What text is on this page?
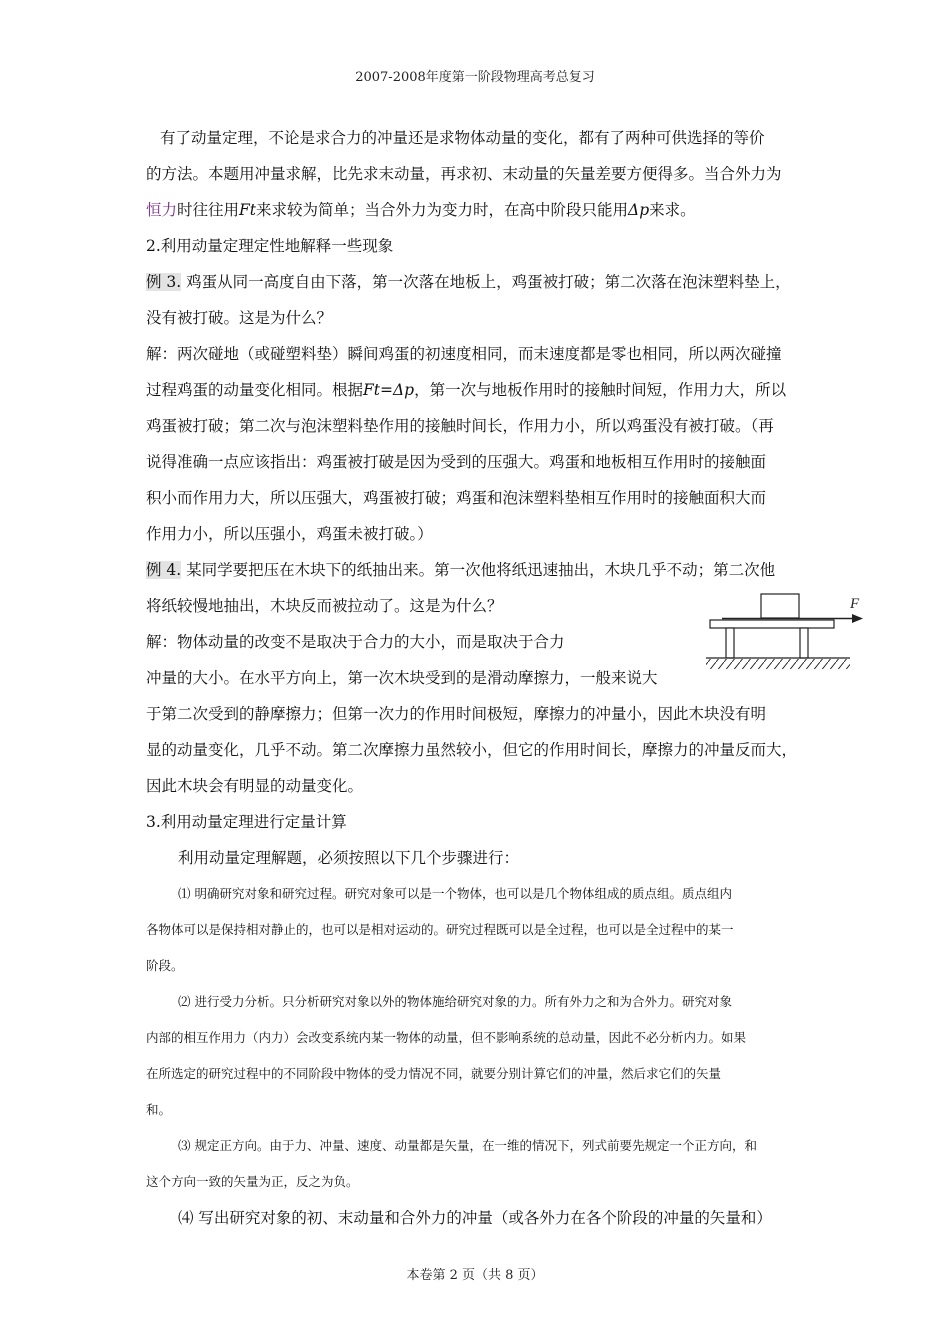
2007-2008年度第一阶段物理高考总复习
有了动量定理，不论是求合力的冲量还是求物体动量的变化，都有了两种可供选择的等价
的方法。本题用冲量求解，比先求末动量，再求初、末动量的矢量差要方便得多。当合外力为
恒力时往往用Ft来求较为简单；当合外力为变力时，在高中阶段只能用Δp来求。
2.利用动量定理定性地解释一些现象
例 3. 鸡蛋从同一高度自由下落，第一次落在地板上，鸡蛋被打破；第二次落在泡沫塑料垫上，
没有被打破。这是为什么？
解：两次碰地（或碰塑料垫）瞬间鸡蛋的初速度相同，而末速度都是零也相同，所以两次碰撞
过程鸡蛋的动量变化相同。根据Ft=Δp，第一次与地板作用时的接触时间短，作用力大，所以
鸡蛋被打破；第二次与泡沫塑料垫作用的接触时间长，作用力小，所以鸡蛋没有被打破。（再
说得准确一点应该指出：鸡蛋被打破是因为受到的压强大。鸡蛋和地板相互作用时的接触面
积小而作用力大，所以压强大，鸡蛋被打破；鸡蛋和泡沫塑料垫相互作用时的接触面积大而
作用力小，所以压强小，鸡蛋未被打破。）
例 4. 某同学要把压在木块下的纸抽出来。第一次他将纸迅速抽出，木块几乎不动；第二次他
将纸较慢地抽出，木块反而被拉动了。这是为什么？
解：物体动量的改变不是取决于合力的大小，而是取决于合力
冲量的大小。在水平方向上，第一次木块受到的是滑动摩擦力，一般来说大
于第二次受到的静摩擦力；但第一次力的作用时间极短，摩擦力的冲量小，因此木块没有明
显的动量变化，几乎不动。第二次摩擦力虽然较小，但它的作用时间长，摩擦力的冲量反而大，
因此木块会有明显的动量变化。
3.利用动量定理进行定量计算
利用动量定理解题，必须按照以下几个步骤进行：
⑴ 明确研究对象和研究过程。研究对象可以是一个物体，也可以是几个物体组成的质点组。质点组内
各物体可以是保持相对静止的，也可以是相对运动的。研究过程既可以是全过程，也可以是全过程中的某一
阶段。
⑵ 进行受力分析。只分析研究对象以外的物体施给研究对象的力。所有外力之和为合外力。研究对象
内部的相互作用力（内力）会改变系统内某一物体的动量，但不影响系统的总动量，因此不必分析内力。如果
在所选定的研究过程中的不同阶段中物体的受力情况不同，就要分别计算它们的冲量，然后求它们的矢量
和。
⑶ 规定正方向。由于力、冲量、速度、动量都是矢量，在一维的情况下，列式前要先规定一个正方向，和
这个方向一致的矢量为正，反之为负。
⑷ 写出研究对象的初、末动量和合外力的冲量（或各外力在各个阶段的冲量的矢量和）
F
本卷第 2 页（共 8 页）
